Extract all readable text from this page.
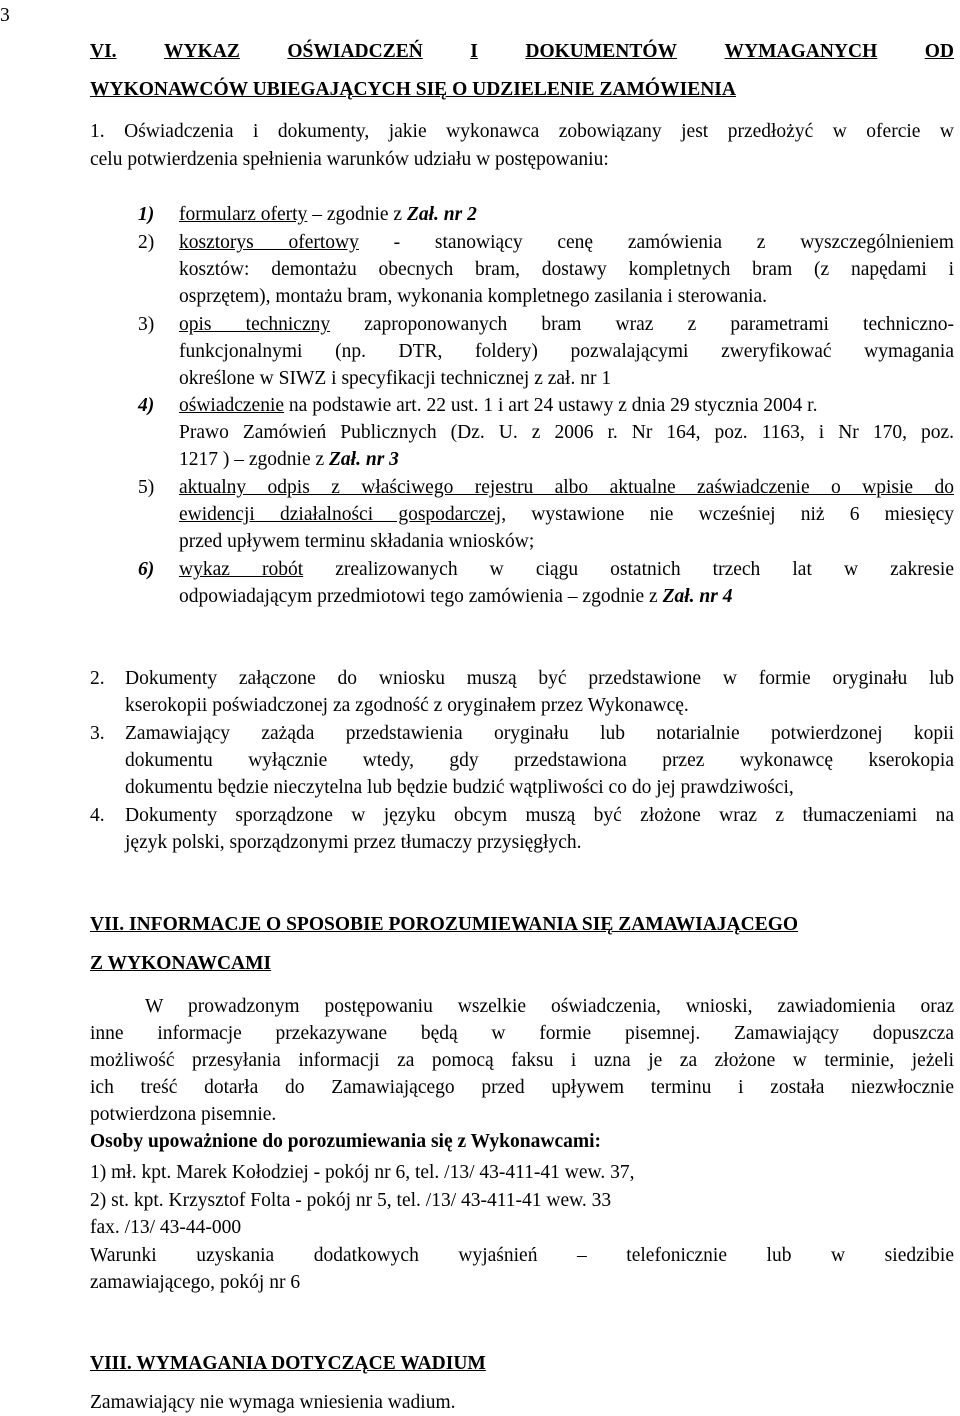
3
VI. WYKAZ OŚWIADCZEŃ I DOKUMENTÓW WYMAGANYCH OD
WYKONAWCÓW UBIEGAJĄCYCH SIĘ O UDZIELENIE ZAMÓWIENIA
1. Oświadczenia i dokumenty, jakie wykonawca zobowiązany jest przedłożyć w ofercie w
celu potwierdzenia spełnienia warunków udziału w postępowaniu:
1) formularz oferty – zgodnie z Zał. nr 2
2) kosztorys ofertowy - stanowiący cenę zamówienia z wyszczególnieniem
kosztów: demontażu obecnych bram, dostawy kompletnych bram (z napędami i
osprzętem), montażu bram, wykonania kompletnego zasilania i sterowania.
3) opis techniczny zaproponowanych bram wraz z parametrami techniczno-
funkcjonalnymi (np. DTR, foldery) pozwalającymi zweryfikować wymagania
określone w SIWZ i specyfikacji technicznej z zał. nr 1
4) oświadczenie na podstawie art. 22 ust. 1 i art 24 ustawy z dnia 29 stycznia 2004 r.
Prawo Zamówień Publicznych (Dz. U. z 2006 r. Nr 164, poz. 1163, i Nr 170, poz.
1217 ) – zgodnie z Zał. nr 3
5) aktualny odpis z właściwego rejestru albo aktualne zaświadczenie o wpisie do
ewidencji działalności gospodarczej, wystawione nie wcześniej niż 6 miesięcy
przed upływem terminu składania wniosków;
6) wykaz robót zrealizowanych w ciągu ostatnich trzech lat w zakresie
odpowiadającym przedmiotowi tego zamówienia – zgodnie z Zał. nr 4
2. Dokumenty załączone do wniosku muszą być przedstawione w formie oryginału lub
kserokopii poświadczonej za zgodność z oryginałem przez Wykonawcę.
3. Zamawiający zażąda przedstawienia oryginału lub notarialnie potwierdzonej kopii
dokumentu wyłącznie wtedy, gdy przedstawiona przez wykonawcę kserokopia
dokumentu będzie nieczytelna lub będzie budzić wątpliwości co do jej prawdziwości,
4. Dokumenty sporządzone w języku obcym muszą być złożone wraz z tłumaczeniami na
język polski, sporządzonymi przez tłumaczy przysięgłych.
VII. INFORMACJE O SPOSOBIE POROZUMIEWANIA SIĘ ZAMAWIAJĄCEGO
Z WYKONAWCAMI
W prowadzonym postępowaniu wszelkie oświadczenia, wnioski, zawiadomienia oraz
inne informacje przekazywane będą w formie pisemnej. Zamawiający dopuszcza
możliwość przesyłania informacji za pomocą faksu i uzna je za złożone w terminie, jeżeli
ich treść dotarła do Zamawiającego przed upływem terminu i została niezwłocznie
potwierdzona pisemnie.
Osoby upoważnione do porozumiewania się z Wykonawcami:
1) mł. kpt. Marek Kołodziej - pokój nr 6, tel. /13/ 43-411-41 wew. 37,
2) st. kpt. Krzysztof Folta - pokój nr 5, tel. /13/ 43-411-41 wew. 33
fax. /13/ 43-44-000
Warunki uzyskania dodatkowych wyjaśnień – telefonicznie lub w siedzibie
zamawiającego, pokój nr 6
VIII. WYMAGANIA DOTYCZĄCE WADIUM
Zamawiający nie wymaga wniesienia wadium.
